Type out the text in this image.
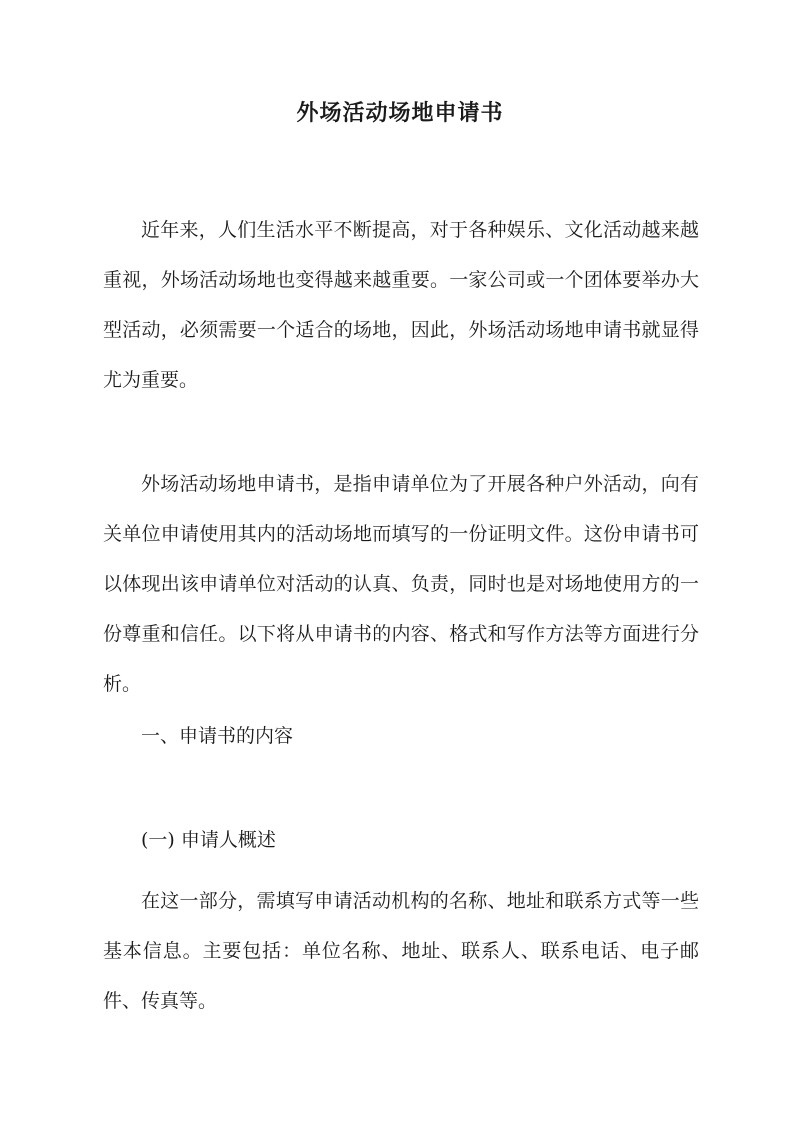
外场活动场地申请书

近年来，人们生活水平不断提高，对于各种娱乐、文化活动越来越重视，外场活动场地也变得越来越重要。一家公司或一个团体要举办大型活动，必须需要一个适合的场地，因此，外场活动场地申请书就显得尤为重要。

外场活动场地申请书，是指申请单位为了开展各种户外活动，向有关单位申请使用其内的活动场地而填写的一份证明文件。这份申请书可以体现出该申请单位对活动的认真、负责，同时也是对场地使用方的一份尊重和信任。以下将从申请书的内容、格式和写作方法等方面进行分析。

一、申请书的内容

(一) 申请人概述

在这一部分，需填写申请活动机构的名称、地址和联系方式等一些基本信息。主要包括：单位名称、地址、联系人、联系电话、电子邮件、传真等。
